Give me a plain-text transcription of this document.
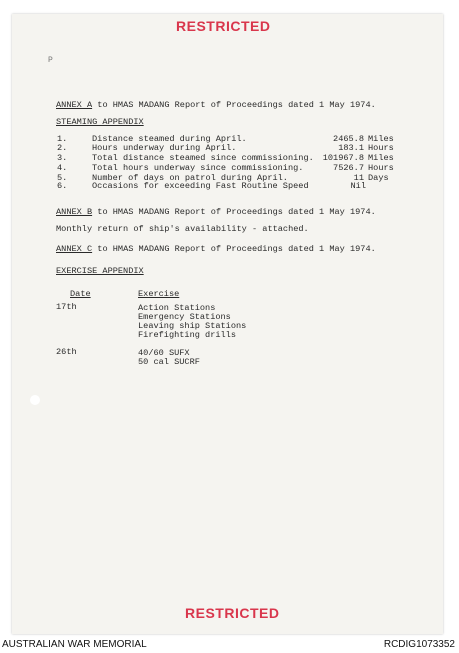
RESTRICTED
P
ANNEX A to HMAS MADANG Report of Proceedings dated 1 May 1974.
STEAMING APPENDIX
1.	Distance steamed during April.	2465.8 Miles
2.	Hours underway during April.	183.1 Hours
3.	Total distance steamed since commissioning.	101967.8 Miles
4.	Total hours underway since commissioning.	7526.7 Hours
5.	Number of days on patrol during April.	11 Days
6.	Occasions for exceeding Fast Routine Speed	Nil
ANNEX B to HMAS MADANG Report of Proceedings dated 1 May 1974.
Monthly return of ship's availability - attached.
ANNEX C to HMAS MADANG Report of Proceedings dated 1 May 1974.
EXERCISE APPENDIX
Date	Exercise
17th	Action Stations
Emergency Stations
Leaving ship Stations
Firefighting drills
26th	40/60 SUFX
50 cal SUCRF
RESTRICTED
AUSTRALIAN WAR MEMORIAL	RCDIG1073352
